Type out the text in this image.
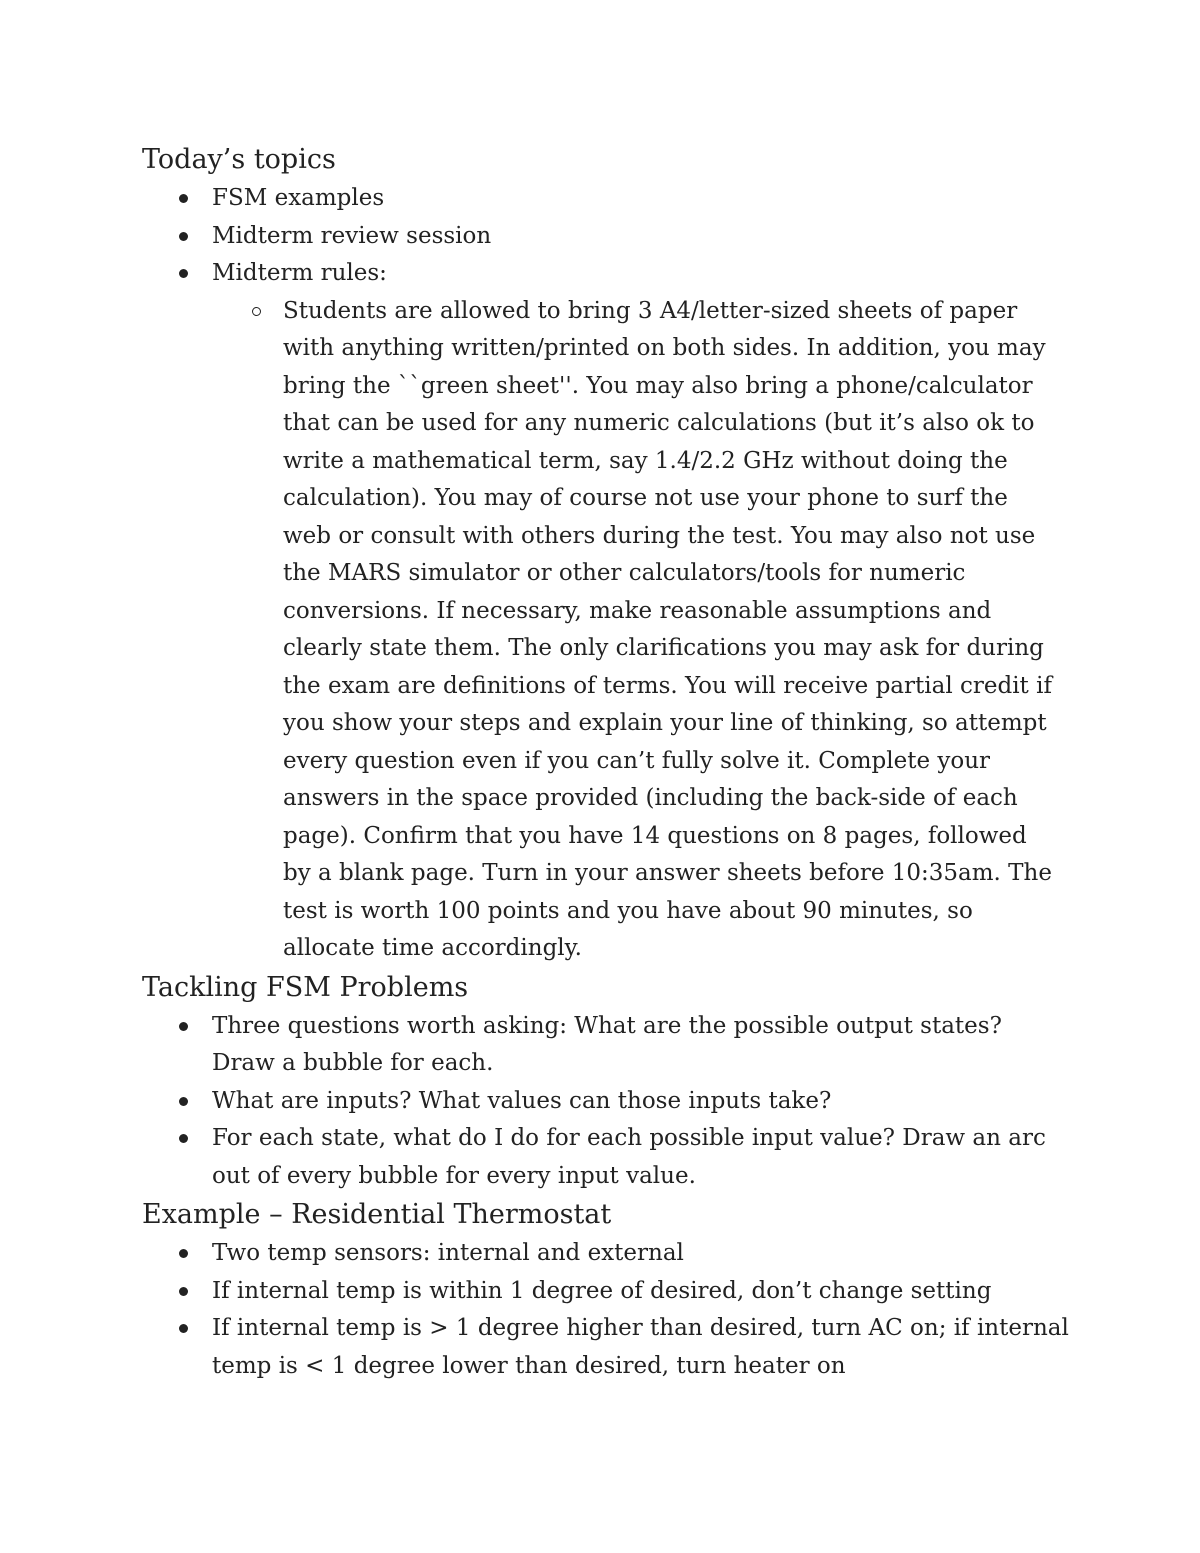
Today’s topics
FSM examples
Midterm review session
Midterm rules:
Students are allowed to bring 3 A4/letter-sized sheets of paper with anything written/printed on both sides. In addition, you may bring the ``green sheet''. You may also bring a phone/calculator that can be used for any numeric calculations (but it’s also ok to write a mathematical term, say 1.4/2.2 GHz without doing the calculation). You may of course not use your phone to surf the web or consult with others during the test. You may also not use the MARS simulator or other calculators/tools for numeric conversions. If necessary, make reasonable assumptions and clearly state them. The only clarifications you may ask for during the exam are definitions of terms. You will receive partial credit if you show your steps and explain your line of thinking, so attempt every question even if you can’t fully solve it. Complete your answers in the space provided (including the back-side of each page). Confirm that you have 14 questions on 8 pages, followed by a blank page. Turn in your answer sheets before 10:35am. The test is worth 100 points and you have about 90 minutes, so allocate time accordingly.
Tackling FSM Problems
Three questions worth asking: What are the possible output states? Draw a bubble for each.
What are inputs? What values can those inputs take?
For each state, what do I do for each possible input value? Draw an arc out of every bubble for every input value.
Example – Residential Thermostat
Two temp sensors: internal and external
If internal temp is within 1 degree of desired, don’t change setting
If internal temp is > 1 degree higher than desired, turn AC on; if internal temp is < 1 degree lower than desired, turn heater on
